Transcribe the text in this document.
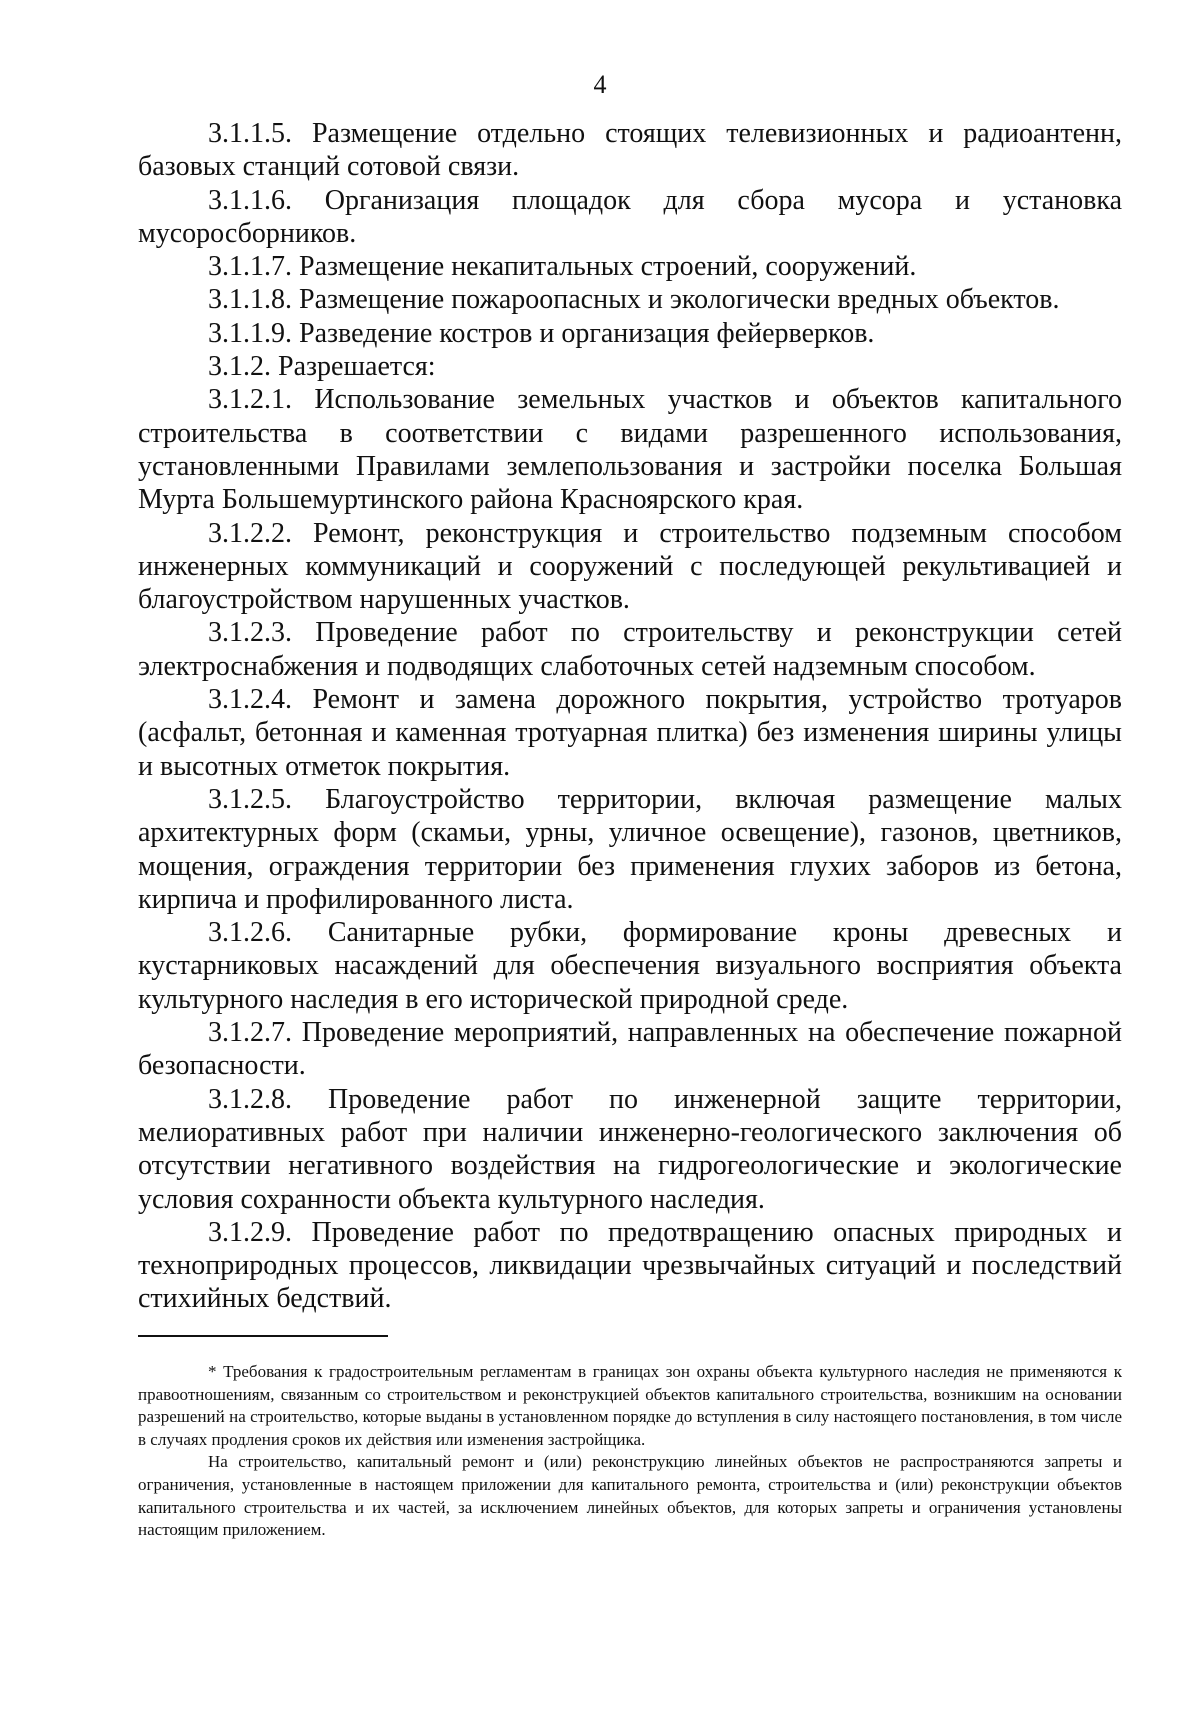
4

3.1.1.5. Размещение отдельно стоящих телевизионных и радиоантенн, базовых станций сотовой связи.

3.1.1.6. Организация площадок для сбора мусора и установка мусоросборников.

3.1.1.7. Размещение некапитальных строений, сооружений.

3.1.1.8. Размещение пожароопасных и экологически вредных объектов.

3.1.1.9. Разведение костров и организация фейерверков.

3.1.2. Разрешается:

3.1.2.1. Использование земельных участков и объектов капитального строительства в соответствии с видами разрешенного использования, установленными Правилами землепользования и застройки поселка Большая Мурта Большемуртинского района Красноярского края.

3.1.2.2. Ремонт, реконструкция и строительство подземным способом инженерных коммуникаций и сооружений с последующей рекультивацией и благоустройством нарушенных участков.

3.1.2.3. Проведение работ по строительству и реконструкции сетей электроснабжения и подводящих слаботочных сетей надземным способом.

3.1.2.4. Ремонт и замена дорожного покрытия, устройство тротуаров (асфальт, бетонная и каменная тротуарная плитка) без изменения ширины улицы и высотных отметок покрытия.

3.1.2.5. Благоустройство территории, включая размещение малых архитектурных форм (скамьи, урны, уличное освещение), газонов, цветников, мощения, ограждения территории без применения глухих заборов из бетона, кирпича и профилированного листа.

3.1.2.6. Санитарные рубки, формирование кроны древесных и кустарниковых насаждений для обеспечения визуального восприятия объекта культурного наследия в его исторической природной среде.

3.1.2.7. Проведение мероприятий, направленных на обеспечение пожарной безопасности.

3.1.2.8. Проведение работ по инженерной защите территории, мелиоративных работ при наличии инженерно-геологического заключения об отсутствии негативного воздействия на гидрогеологические и экологические условия сохранности объекта культурного наследия.

3.1.2.9. Проведение работ по предотвращению опасных природных и техноприродных процессов, ликвидации чрезвычайных ситуаций и последствий стихийных бедствий.

* Требования к градостроительным регламентам в границах зон охраны объекта культурного наследия не применяются к правоотношениям, связанным со строительством и реконструкцией объектов капитального строительства, возникшим на основании разрешений на строительство, которые выданы в установленном порядке до вступления в силу настоящего постановления, в том числе в случаях продления сроков их действия или изменения застройщика.

На строительство, капитальный ремонт и (или) реконструкцию линейных объектов не распространяются запреты и ограничения, установленные в настоящем приложении для капитального ремонта, строительства и (или) реконструкции объектов капитального строительства и их частей, за исключением линейных объектов, для которых запреты и ограничения установлены настоящим приложением.
